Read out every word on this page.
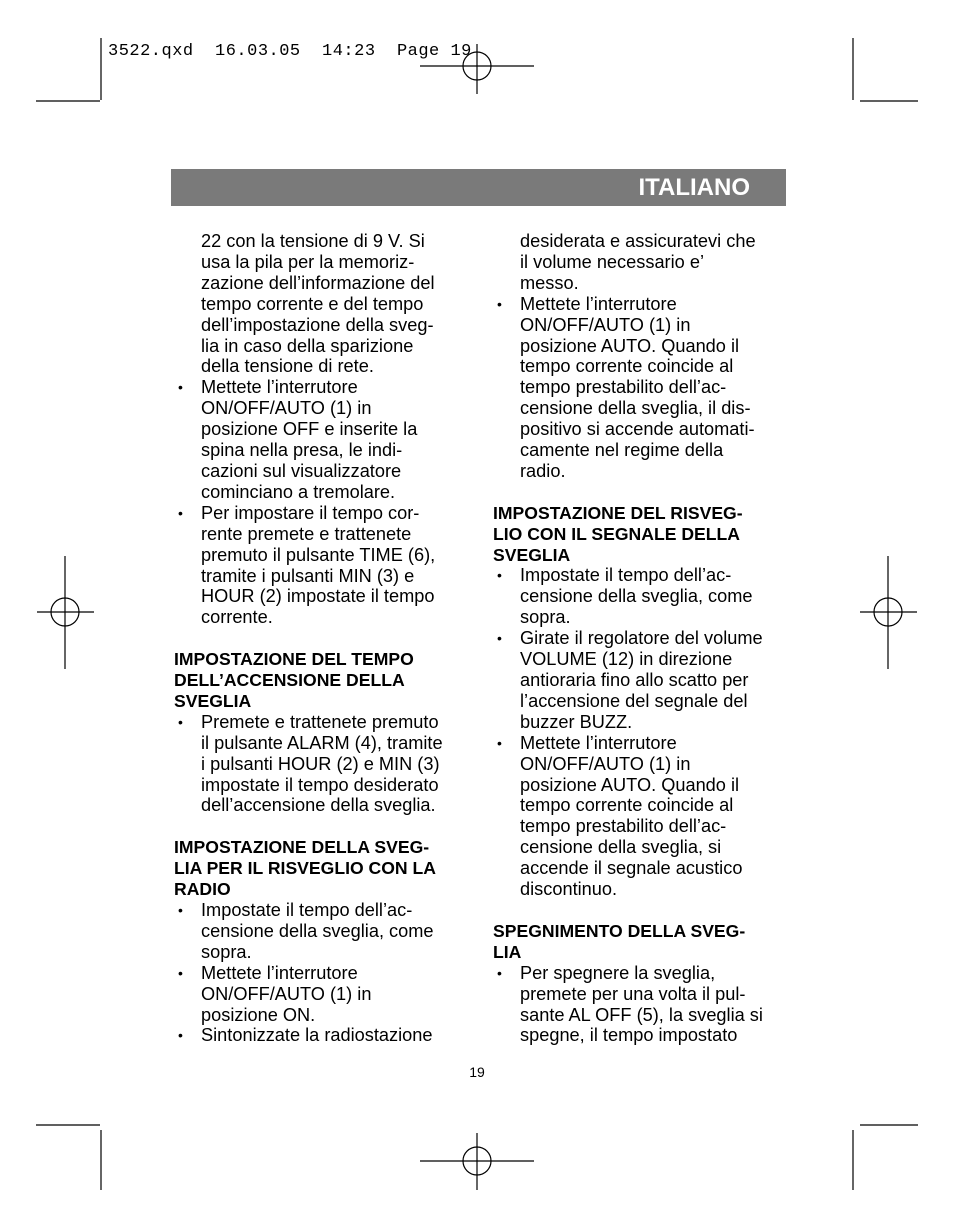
3522.qxd  16.03.05  14:23  Page 19
ITALIANO
22 con la tensione di 9 V. Si
usa la pila per la memoriz-
zazione dell’informazione del
tempo corrente e del tempo
dell’impostazione della sveg-
lia in caso della sparizione
della tensione di rete.
• Mettete l’interrutore
ON/OFF/AUTO (1) in
posizione OFF e inserite la
spina nella presa, le indi-
cazioni sul visualizzatore
cominciano a tremolare.
• Per impostare il tempo cor-
rente premete e trattenete
premuto il pulsante TIME (6),
tramite i pulsanti MIN (3) e
HOUR (2) impostate il tempo
corrente.
IMPOSTAZIONE DEL TEMPO
DELL’ACCENSIONE DELLA
SVEGLIA
• Premete e trattenete premuto
il pulsante ALARM (4), tramite
i pulsanti HOUR (2) e MIN (3)
impostate il tempo desiderato
dell’accensione della sveglia.
IMPOSTAZIONE DELLA SVEG-
LIA PER IL RISVEGLIO CON LA
RADIO
• Impostate il tempo dell’ac-
censione della sveglia, come
sopra.
• Mettete l’interrutore
ON/OFF/AUTO (1) in
posizione ON.
• Sintonizzate la radiostazione
desiderata e assicuratevi che
il volume necessario e’
messo.
• Mettete l’interrutore
ON/OFF/AUTO (1) in
posizione AUTO. Quando il
tempo corrente coincide al
tempo prestabilito dell’ac-
censione della sveglia, il dis-
positivo si accende automati-
camente nel regime della
radio.
IMPOSTAZIONE DEL RISVEG-
LIO CON IL SEGNALE DELLA
SVEGLIA
• Impostate il tempo dell’ac-
censione della sveglia, come
sopra.
• Girate il regolatore del volume
VOLUME (12) in direzione
antioraria fino allo scatto per
l’accensione del segnale del
buzzer BUZZ.
• Mettete l’interrutore
ON/OFF/AUTO (1) in
posizione AUTO. Quando il
tempo corrente coincide al
tempo prestabilito dell’ac-
censione della sveglia, si
accende il segnale acustico
discontinuo.
SPEGNIMENTO DELLA SVEG-
LIA
• Per spegnere la sveglia,
premete per una volta il pul-
sante AL OFF (5), la sveglia si
spegne, il tempo impostato
19
